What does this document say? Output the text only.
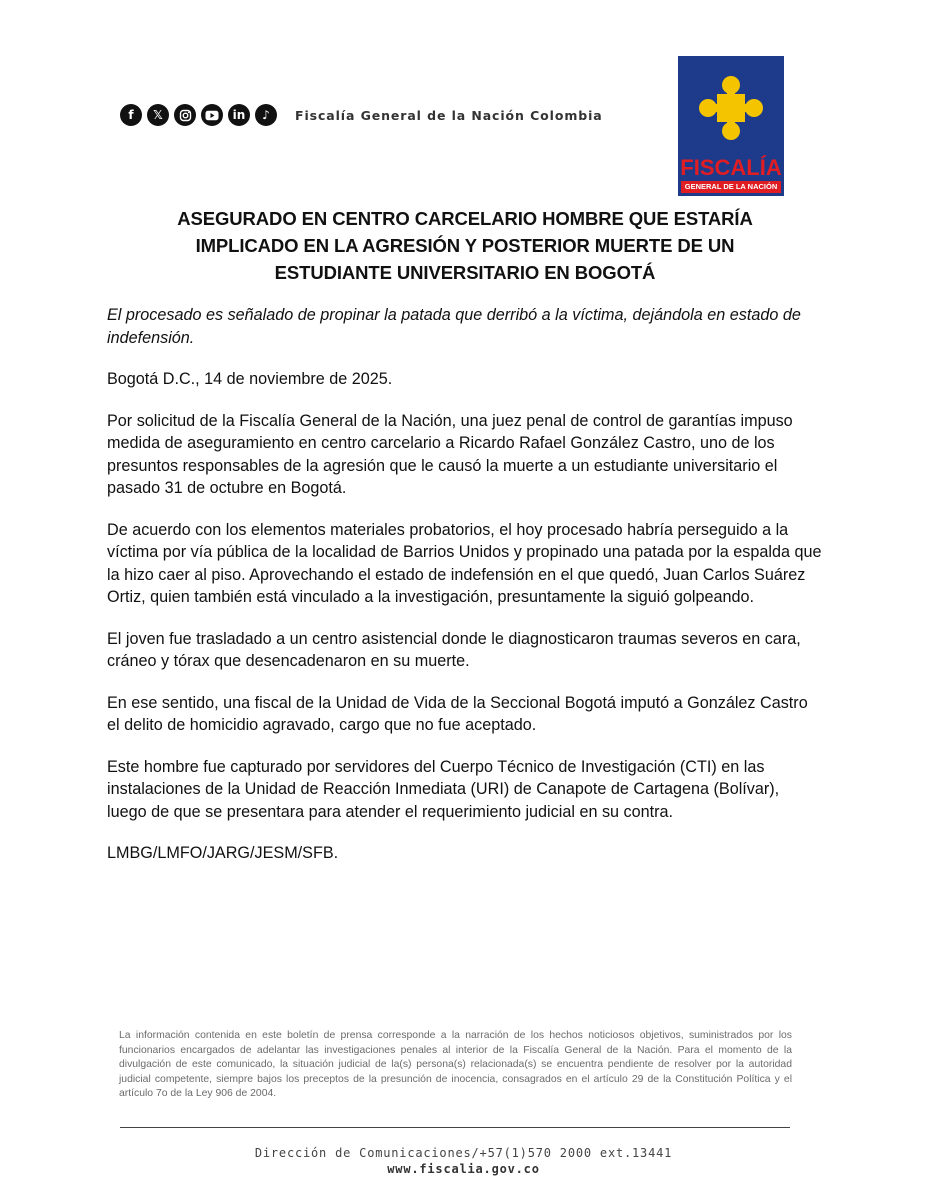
f	𝕏	in	♪	Fiscalía General de la Nación Colombia
FISCALÍA
GENERAL DE LA NACIÓN
ASEGURADO EN CENTRO CARCELARIO HOMBRE QUE ESTARÍA
IMPLICADO EN LA AGRESIÓN Y POSTERIOR MUERTE DE UN
ESTUDIANTE UNIVERSITARIO EN BOGOTÁ

El procesado es señalado de propinar la patada que derribó a la víctima, dejándola en estado de indefensión.

Bogotá D.C., 14 de noviembre de 2025.

Por solicitud de la Fiscalía General de la Nación, una juez penal de control de garantías impuso medida de aseguramiento en centro carcelario a Ricardo Rafael González Castro, uno de los presuntos responsables de la agresión que le causó la muerte a un estudiante universitario el pasado 31 de octubre en Bogotá.

De acuerdo con los elementos materiales probatorios, el hoy procesado habría perseguido a la víctima por vía pública de la localidad de Barrios Unidos y propinado una patada por la espalda que la hizo caer al piso. Aprovechando el estado de indefensión en el que quedó, Juan Carlos Suárez Ortiz, quien también está vinculado a la investigación, presuntamente la siguió golpeando.

El joven fue trasladado a un centro asistencial donde le diagnosticaron traumas severos en cara, cráneo y tórax que desencadenaron en su muerte.

En ese sentido, una fiscal de la Unidad de Vida de la Seccional Bogotá imputó a González Castro el delito de homicidio agravado, cargo que no fue aceptado.

Este hombre fue capturado por servidores del Cuerpo Técnico de Investigación (CTI) en las instalaciones de la Unidad de Reacción Inmediata (URI) de Canapote de Cartagena (Bolívar), luego de que se presentara para atender el requerimiento judicial en su contra.

LMBG/LMFO/JARG/JESM/SFB.

La información contenida en este boletín de prensa corresponde a la narración de los hechos noticiosos objetivos, suministrados por los funcionarios encargados de adelantar las investigaciones penales al interior de la Fiscalía General de la Nación. Para el momento de la divulgación de este comunicado, la situación judicial de la(s) persona(s) relacionada(s) se encuentra pendiente de resolver por la autoridad judicial competente, siempre bajos los preceptos de la presunción de inocencia, consagrados en el artículo 29 de la Constitución Política y el artículo 7o de la Ley 906 de 2004.

Dirección de Comunicaciones/+57(1)570 2000 ext.13441
www.fiscalia.gov.co
